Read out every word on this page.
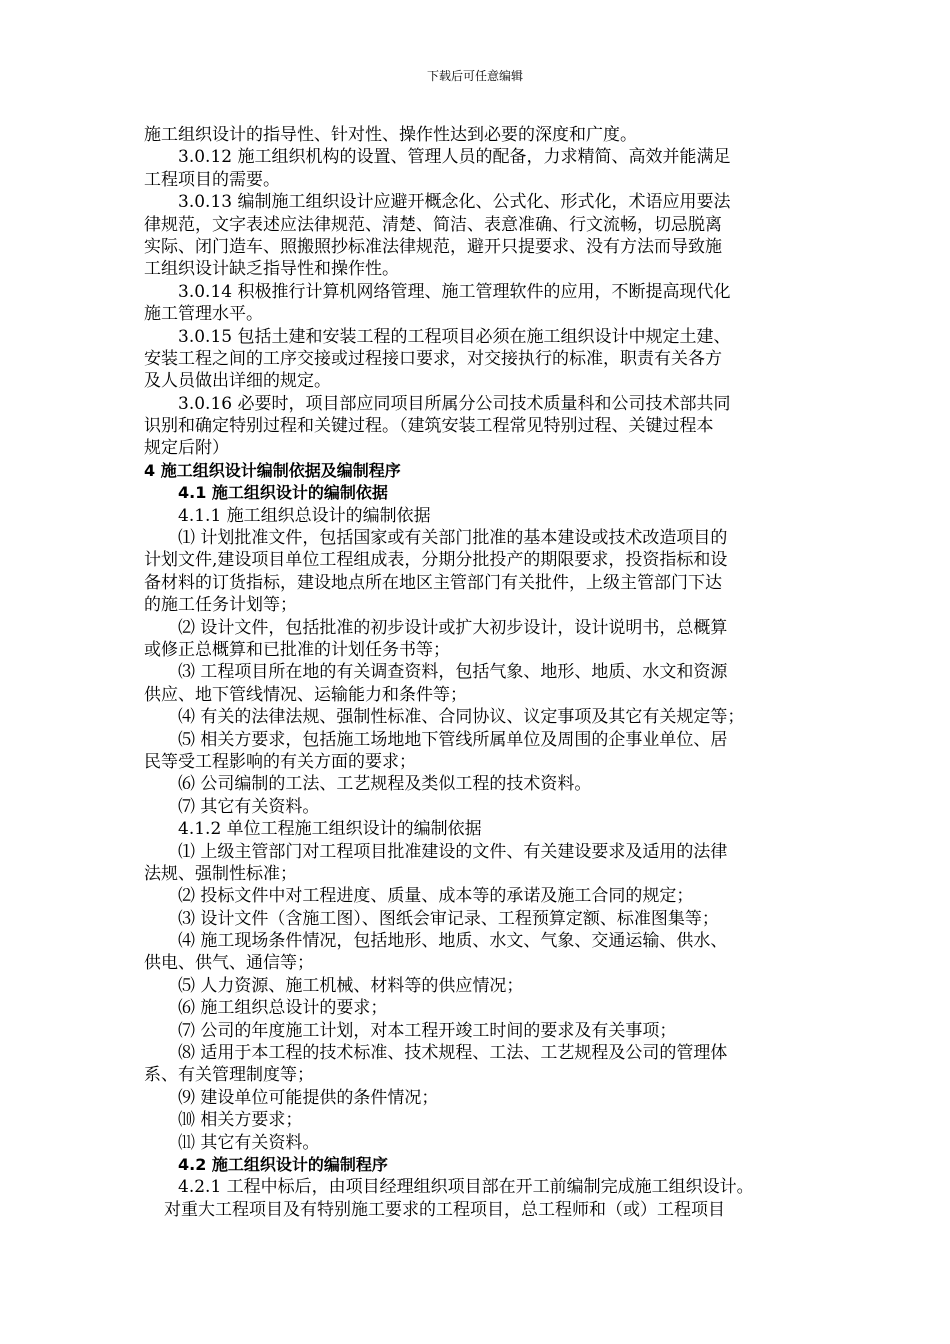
下载后可任意编辑
施工组织设计的指导性、针对性、操作性达到必要的深度和广度。
3.0.12 施工组织机构的设置、管理人员的配备，力求精简、高效并能满足
工程项目的需要。
3.0.13 编制施工组织设计应避开概念化、公式化、形式化，术语应用要法
律规范，文字表述应法律规范、清楚、简洁、表意准确、行文流畅，切忌脱离
实际、闭门造车、照搬照抄标准法律规范，避开只提要求、没有方法而导致施
工组织设计缺乏指导性和操作性。
3.0.14 积极推行计算机网络管理、施工管理软件的应用，不断提高现代化
施工管理水平。
3.0.15 包括土建和安装工程的工程项目必须在施工组织设计中规定土建、
安装工程之间的工序交接或过程接口要求，对交接执行的标准，职责有关各方
及人员做出详细的规定。
3.0.16 必要时，项目部应同项目所属分公司技术质量科和公司技术部共同
识别和确定特别过程和关键过程。（建筑安装工程常见特别过程、关键过程本
规定后附）
4 施工组织设计编制依据及编制程序
4.1 施工组织设计的编制依据
4.1.1 施工组织总设计的编制依据
⑴ 计划批准文件，包括国家或有关部门批准的基本建设或技术改造项目的
计划文件,建设项目单位工程组成表，分期分批投产的期限要求，投资指标和设
备材料的订货指标，建设地点所在地区主管部门有关批件，上级主管部门下达
的施工任务计划等；
⑵ 设计文件，包括批准的初步设计或扩大初步设计，设计说明书，总概算
或修正总概算和已批准的计划任务书等；
⑶ 工程项目所在地的有关调查资料，包括气象、地形、地质、水文和资源
供应、地下管线情况、运输能力和条件等；
⑷ 有关的法律法规、强制性标准、合同协议、议定事项及其它有关规定等；
⑸ 相关方要求，包括施工场地地下管线所属单位及周围的企事业单位、居
民等受工程影响的有关方面的要求；
⑹ 公司编制的工法、工艺规程及类似工程的技术资料。
⑺ 其它有关资料。
4.1.2 单位工程施工组织设计的编制依据
⑴ 上级主管部门对工程项目批准建设的文件、有关建设要求及适用的法律
法规、强制性标准；
⑵ 投标文件中对工程进度、质量、成本等的承诺及施工合同的规定；
⑶ 设计文件（含施工图）、图纸会审记录、工程预算定额、标准图集等；
⑷ 施工现场条件情况，包括地形、地质、水文、气象、交通运输、供水、
供电、供气、通信等；
⑸ 人力资源、施工机械、材料等的供应情况；
⑹ 施工组织总设计的要求；
⑺ 公司的年度施工计划，对本工程开竣工时间的要求及有关事项；
⑻ 适用于本工程的技术标准、技术规程、工法、工艺规程及公司的管理体
系、有关管理制度等；
⑼ 建设单位可能提供的条件情况；
⑽ 相关方要求；
⑾ 其它有关资料。
4.2 施工组织设计的编制程序
4.2.1 工程中标后，由项目经理组织项目部在开工前编制完成施工组织设计。
对重大工程项目及有特别施工要求的工程项目，总工程师和（或）工程项目
